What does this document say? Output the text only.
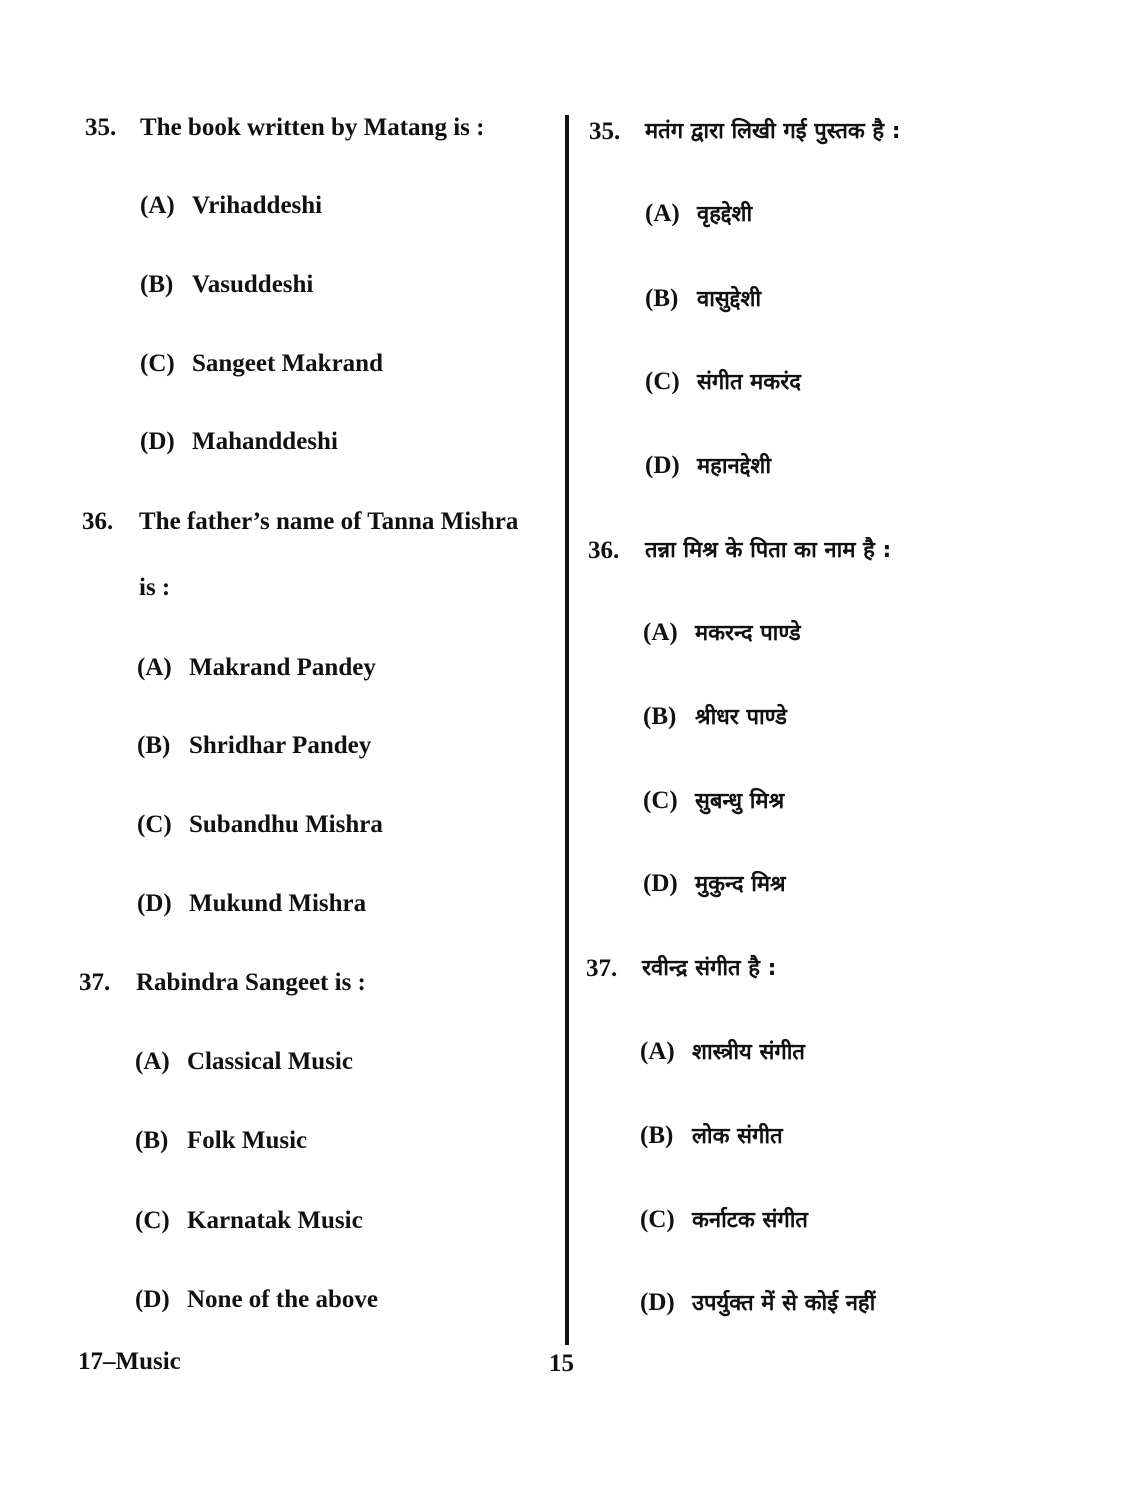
35. The book written by Matang is :
(A) Vrihaddeshi
(B) Vasuddeshi
(C) Sangeet Makrand
(D) Mahanddeshi
36. The father’s name of Tanna Mishra
is :
(A) Makrand Pandey
(B) Shridhar Pandey
(C) Subandhu Mishra
(D) Mukund Mishra
37. Rabindra Sangeet is :
(A) Classical Music
(B) Folk Music
(C) Karnatak Music
(D) None of the above
35. मतंग द्वारा लिखी गई पुस्तक है :
(A) वृहद्देशी
(B) वासुद्देशी
(C) संगीत मकरंद
(D) महानद्देशी
36. तन्ना मिश्र के पिता का नाम है :
(A) मकरन्द पाण्डे
(B) श्रीधर पाण्डे
(C) सुबन्धु मिश्र
(D) मुकुन्द मिश्र
37. रवीन्द्र संगीत है :
(A) शास्त्रीय संगीत
(B) लोक संगीत
(C) कर्नाटक संगीत
(D) उपर्युक्त में से कोई नहीं
17–Music	15
